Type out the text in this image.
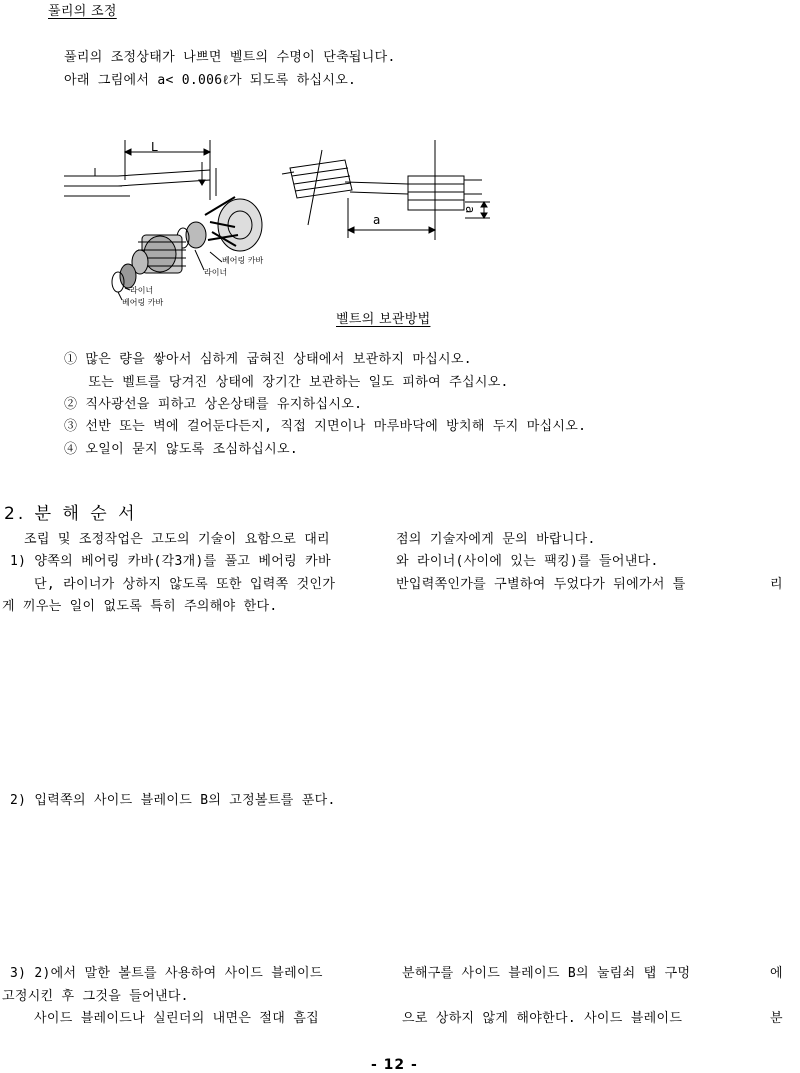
풀리의 조정
풀리의 조정상태가 나쁘면 벨트의 수명이 단축됩니다.
아래 그림에서 a< 0.006ℓ가 되도록 하십시오.
L
a
a
베어링 카바
라이너
라이너
베어링 카바
벨트의 보관방법
① 많은 량을 쌓아서 심하게 굽혀진 상태에서 보관하지 마십시오.
또는 벨트를 당겨진 상태에 장기간 보관하는 일도 피하여 주십시오.
② 직사광선을 피하고 상온상태를 유지하십시오.
③ 선반 또는 벽에 걸어둔다든지, 직접 지면이나 마루바닥에 방치해 두지 마십시오.
④ 오일이 묻지 않도록 조심하십시오.
2. 분 해 순 서
조립 및 조정작업은 고도의 기술이 요함으로 대리	점의 기술자에게 문의 바랍니다.
1) 양쪽의 베어링 카바(각3개)를 풀고 베어링 카바	와 라이너(사이에 있는 팩킹)를 들어낸다.
단, 라이너가 상하지 않도록 또한 입력쪽 것인가	반입력쪽인가를 구별하여 두었다가 뒤에가서 틀	리
게 끼우는 일이 없도록 특히 주의해야 한다.
2) 입력쪽의 사이드 블레이드 B의 고정볼트를 푼다.
3) 2)에서 말한 볼트를 사용하여 사이드 블레이드	분해구를 사이드 블레이드 B의 눌림쇠 탭 구멍	에
고정시킨 후 그것을 들어낸다.
사이드 블레이드나 실린더의 내면은 절대 흠집	으로 상하지 않게 해야한다. 사이드 블레이드	분
- 12 -
